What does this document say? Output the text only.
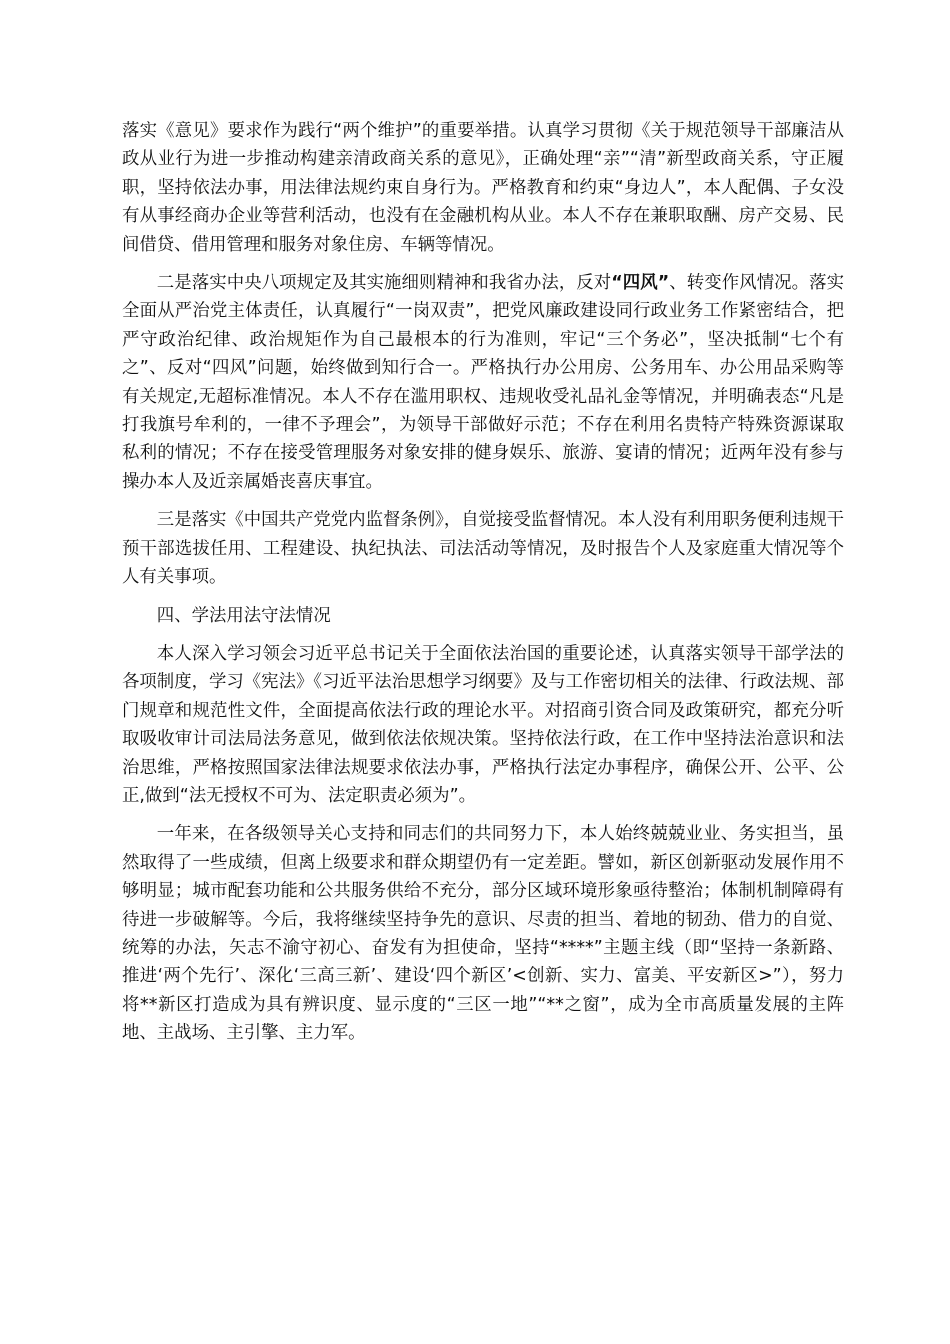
落实《意见》要求作为践行“两个维护”的重要举措。认真学习贯彻《关于规范领导干部廉洁从政从业行为进一步推动构建亲清政商关系的意见》，正确处理“亲”“清”新型政商关系，守正履职，坚持依法办事，用法律法规约束自身行为。严格教育和约束“身边人”，本人配偶、子女没有从事经商办企业等营利活动，也没有在金融机构从业。本人不存在兼职取酬、房产交易、民间借贷、借用管理和服务对象住房、车辆等情况。

二是落实中央八项规定及其实施细则精神和我省办法，反对“四风”、转变作风情况。落实全面从严治党主体责任，认真履行“一岗双责”，把党风廉政建设同行政业务工作紧密结合，把严守政治纪律、政治规矩作为自己最根本的行为准则，牢记“三个务必”，坚决抵制“七个有之”、反对“四风”问题，始终做到知行合一。严格执行办公用房、公务用车、办公用品采购等有关规定,无超标准情况。本人不存在滥用职权、违规收受礼品礼金等情况，并明确表态“凡是打我旗号牟利的，一律不予理会”，为领导干部做好示范；不存在利用名贵特产特殊资源谋取私利的情况；不存在接受管理服务对象安排的健身娱乐、旅游、宴请的情况；近两年没有参与操办本人及近亲属婚丧喜庆事宜。

三是落实《中国共产党党内监督条例》，自觉接受监督情况。本人没有利用职务便利违规干预干部选拔任用、工程建设、执纪执法、司法活动等情况，及时报告个人及家庭重大情况等个人有关事项。

四、学法用法守法情况

本人深入学习领会习近平总书记关于全面依法治国的重要论述，认真落实领导干部学法的各项制度，学习《宪法》《习近平法治思想学习纲要》及与工作密切相关的法律、行政法规、部门规章和规范性文件，全面提高依法行政的理论水平。对招商引资合同及政策研究，都充分听取吸收审计司法局法务意见，做到依法依规决策。坚持依法行政，在工作中坚持法治意识和法治思维，严格按照国家法律法规要求依法办事，严格执行法定办事程序，确保公开、公平、公正,做到“法无授权不可为、法定职责必须为”。

一年来，在各级领导关心支持和同志们的共同努力下，本人始终兢兢业业、务实担当，虽然取得了一些成绩，但离上级要求和群众期望仍有一定差距。譬如，新区创新驱动发展作用不够明显；城市配套功能和公共服务供给不充分，部分区域环境形象亟待整治；体制机制障碍有待进一步破解等。今后，我将继续坚持争先的意识、尽责的担当、着地的韧劲、借力的自觉、统筹的办法，矢志不渝守初心、奋发有为担使命，坚持“****”主题主线（即“坚持一条新路、推进‘两个先行’、深化‘三高三新’、建设‘四个新区’<创新、实力、富美、平安新区>”），努力将**新区打造成为具有辨识度、显示度的“三区一地”“**之窗”，成为全市高质量发展的主阵地、主战场、主引擎、主力军。
